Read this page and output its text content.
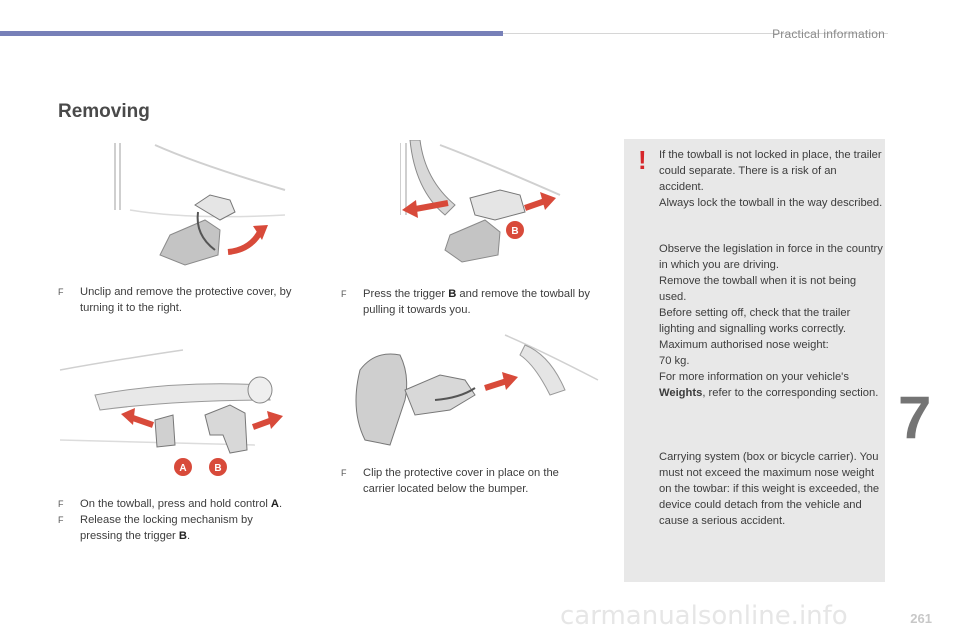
Practical information
Removing
B
A	B
F	Unclip and remove the protective cover, by turning it to the right.
F	Press the trigger B and remove the towball by pulling it towards you.
F	On the towball, press and hold control A.
F	Release the locking mechanism by pressing the trigger B.
F	Clip the protective cover in place on the carrier located below the bumper.
! If the towball is not locked in place, the trailer could separate. There is a risk of an accident.
Always lock the towball in the way described.
Observe the legislation in force in the country in which you are driving.
Remove the towball when it is not being used.
Before setting off, check that the trailer lighting and signalling works correctly.
Maximum authorised nose weight:
70 kg.
For more information on your vehicle's Weights, refer to the corresponding section.
Carrying system (box or bicycle carrier). You must not exceed the maximum nose weight on the towbar: if this weight is exceeded, the device could detach from the vehicle and cause a serious accident.
7
261
carmanualsonline.info
